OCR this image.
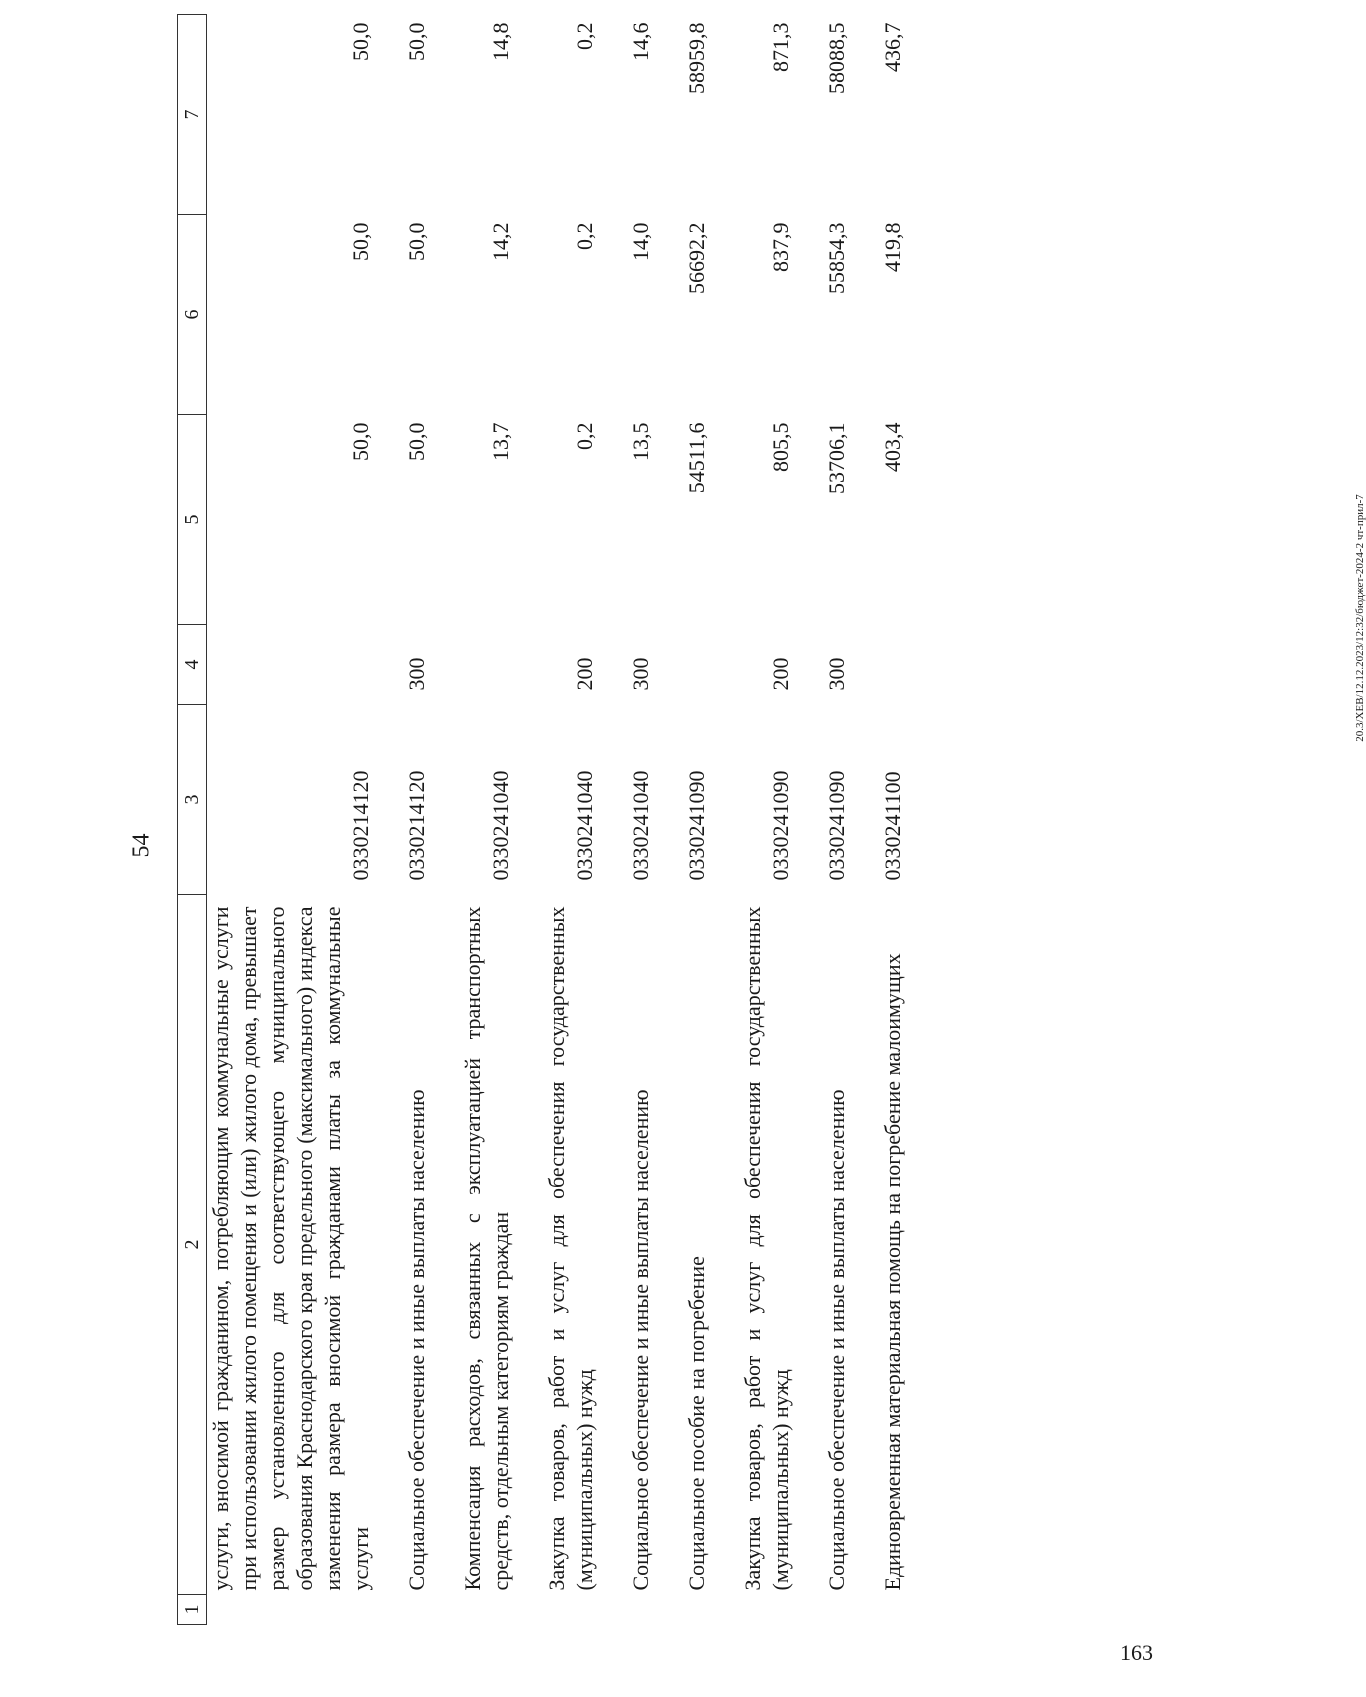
54
20.3/ХЕВ/12.12.2023/12:32/бюджет-2024-2 чт-прил-7
163
1	2	3	4	5	6	7
	услуги, вносимой гражданином, потребляющим коммунальные услуги при использовании жилого помещения и (или) жилого дома, превышает размер установленного для соответствующего муниципального образования Краснодарского края предельного (максимального) индекса изменения размера вносимой гражданами платы за коммунальные услуги	0330214120		50,0	50,0	50,0
	Социальное обеспечение и иные выплаты населению	0330214120	300	50,0	50,0	50,0
	Компенсация расходов, связанных с эксплуатацией транспортных средств, отдельным категориям граждан	0330241040		13,7	14,2	14,8
	Закупка товаров, работ и услуг для обеспечения государственных (муниципальных) нужд	0330241040	200	0,2	0,2	0,2
	Социальное обеспечение и иные выплаты населению	0330241040	300	13,5	14,0	14,6
	Социальное пособие на погребение	0330241090		54511,6	56692,2	58959,8
	Закупка товаров, работ и услуг для обеспечения государственных (муниципальных) нужд	0330241090	200	805,5	837,9	871,3
	Социальное обеспечение и иные выплаты населению	0330241090	300	53706,1	55854,3	58088,5
	Единовременная материальная помощь на погребение малоимущих	0330241100		403,4	419,8	436,7
